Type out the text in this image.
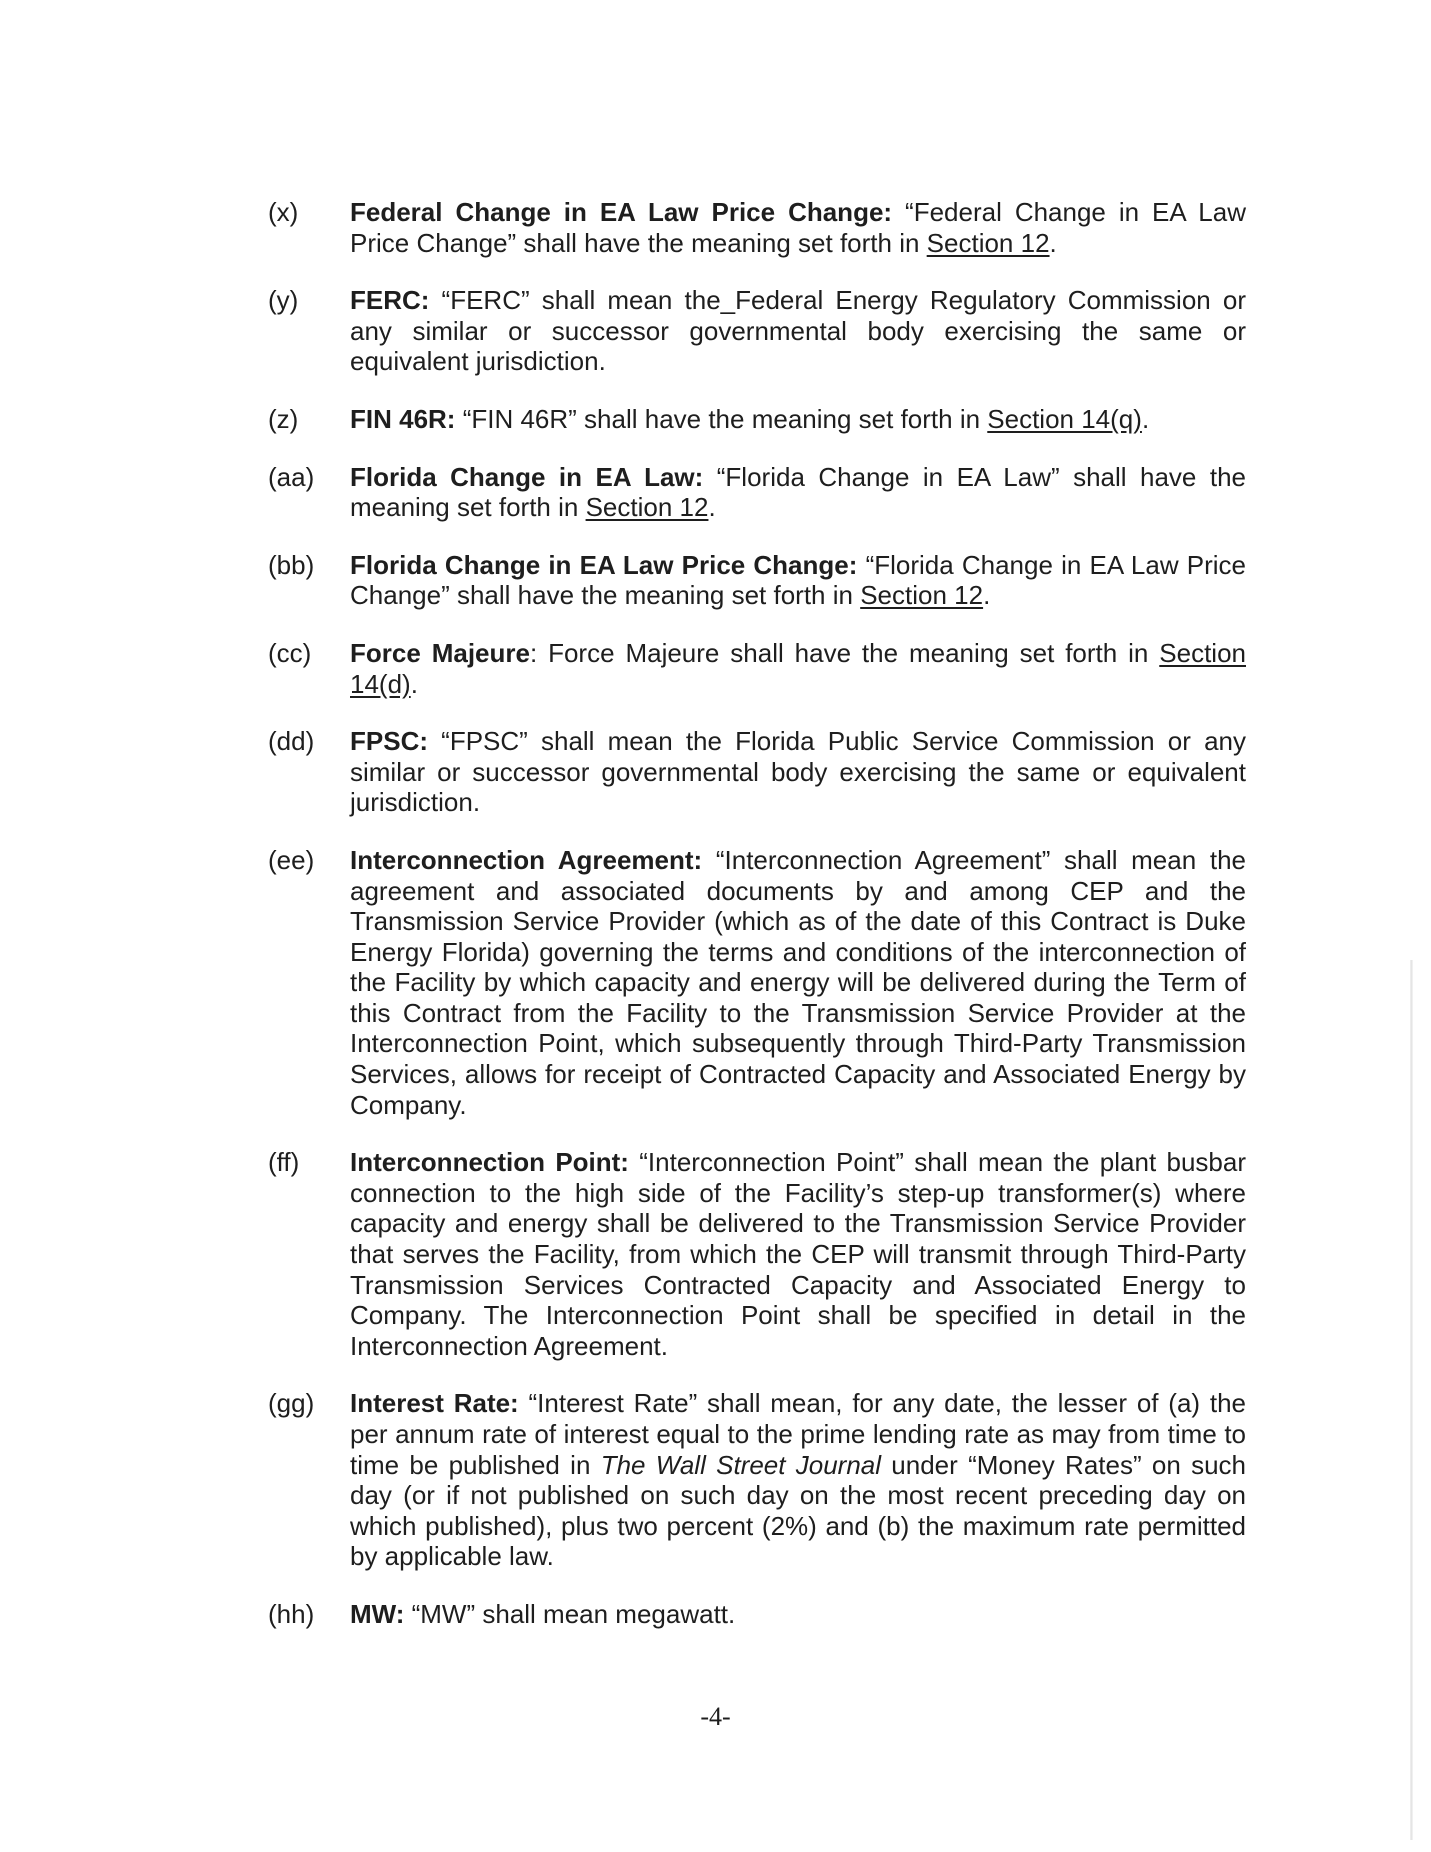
(x)	Federal Change in EA Law Price Change: “Federal Change in EA Law Price Change” shall have the meaning set forth in Section 12.
(y)	FERC: “FERC” shall mean the_Federal Energy Regulatory Commission or any similar or successor governmental body exercising the same or equivalent jurisdiction.
(z)	FIN 46R: “FIN 46R” shall have the meaning set forth in Section 14(q).
(aa)	Florida Change in EA Law: “Florida Change in EA Law” shall have the meaning set forth in Section 12.
(bb)	Florida Change in EA Law Price Change: “Florida Change in EA Law Price Change” shall have the meaning set forth in Section 12.
(cc)	Force Majeure: Force Majeure shall have the meaning set forth in Section 14(d).
(dd)	FPSC: “FPSC” shall mean the Florida Public Service Commission or any similar or successor governmental body exercising the same or equivalent jurisdiction.
(ee)	Interconnection Agreement: “Interconnection Agreement” shall mean the agreement and associated documents by and among CEP and the Transmission Service Provider (which as of the date of this Contract is Duke Energy Florida) governing the terms and conditions of the interconnection of the Facility by which capacity and energy will be delivered during the Term of this Contract from the Facility to the Transmission Service Provider at the Interconnection Point, which subsequently through Third-Party Transmission Services, allows for receipt of Contracted Capacity and Associated Energy by Company.
(ff)	Interconnection Point: “Interconnection Point” shall mean the plant busbar connection to the high side of the Facility’s step-up transformer(s) where capacity and energy shall be delivered to the Transmission Service Provider that serves the Facility, from which the CEP will transmit through Third-Party Transmission Services Contracted Capacity and Associated Energy to Company. The Interconnection Point shall be specified in detail in the Interconnection Agreement.
(gg)	Interest Rate: “Interest Rate” shall mean, for any date, the lesser of (a) the per annum rate of interest equal to the prime lending rate as may from time to time be published in The Wall Street Journal under “Money Rates” on such day (or if not published on such day on the most recent preceding day on which published), plus two percent (2%) and (b) the maximum rate permitted by applicable law.
(hh)	MW: “MW” shall mean megawatt.
-4-
